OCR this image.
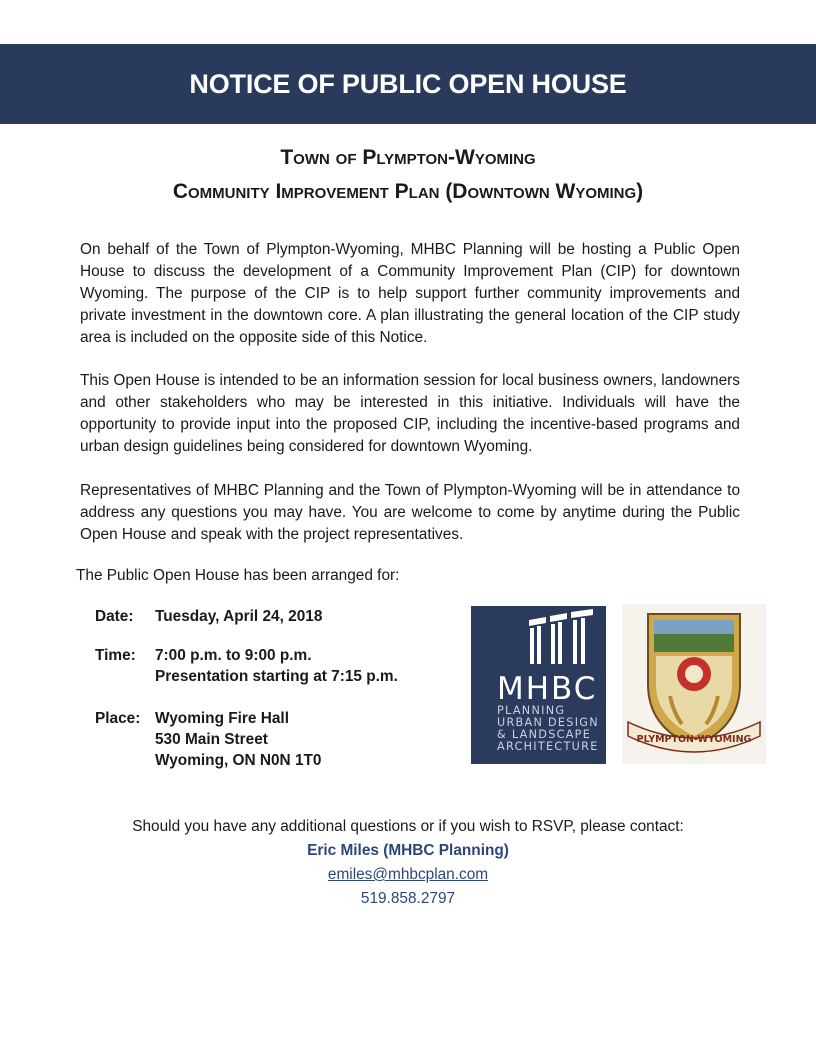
NOTICE OF PUBLIC OPEN HOUSE
Town of Plympton-Wyoming
Community Improvement Plan (Downtown Wyoming)

On behalf of the Town of Plympton-Wyoming, MHBC Planning will be hosting a Public Open House to discuss the development of a Community Improvement Plan (CIP) for downtown Wyoming. The purpose of the CIP is to help support further community improvements and private investment in the downtown core. A plan illustrating the general location of the CIP study area is included on the opposite side of this Notice.

This Open House is intended to be an information session for local business owners, landowners and other stakeholders who may be interested in this initiative. Individuals will have the opportunity to provide input into the proposed CIP, including the incentive-based programs and urban design guidelines being considered for downtown Wyoming.

Representatives of MHBC Planning and the Town of Plympton-Wyoming will be in attendance to address any questions you may have. You are welcome to come by anytime during the Public Open House and speak with the project representatives.

The Public Open House has been arranged for:

Date: Tuesday, April 24, 2018
Time: 7:00 p.m. to 9:00 p.m.
Presentation starting at 7:15 p.m.
Place: Wyoming Fire Hall
530 Main Street
Wyoming, ON N0N 1T0
MHBC
PLANNING
URBAN DESIGN
& LANDSCAPE
ARCHITECTURE
PLYMPTON-WYOMING
Should you have any additional questions or if you wish to RSVP, please contact:
Eric Miles (MHBC Planning)
emiles@mhbcplan.com
519.858.2797
